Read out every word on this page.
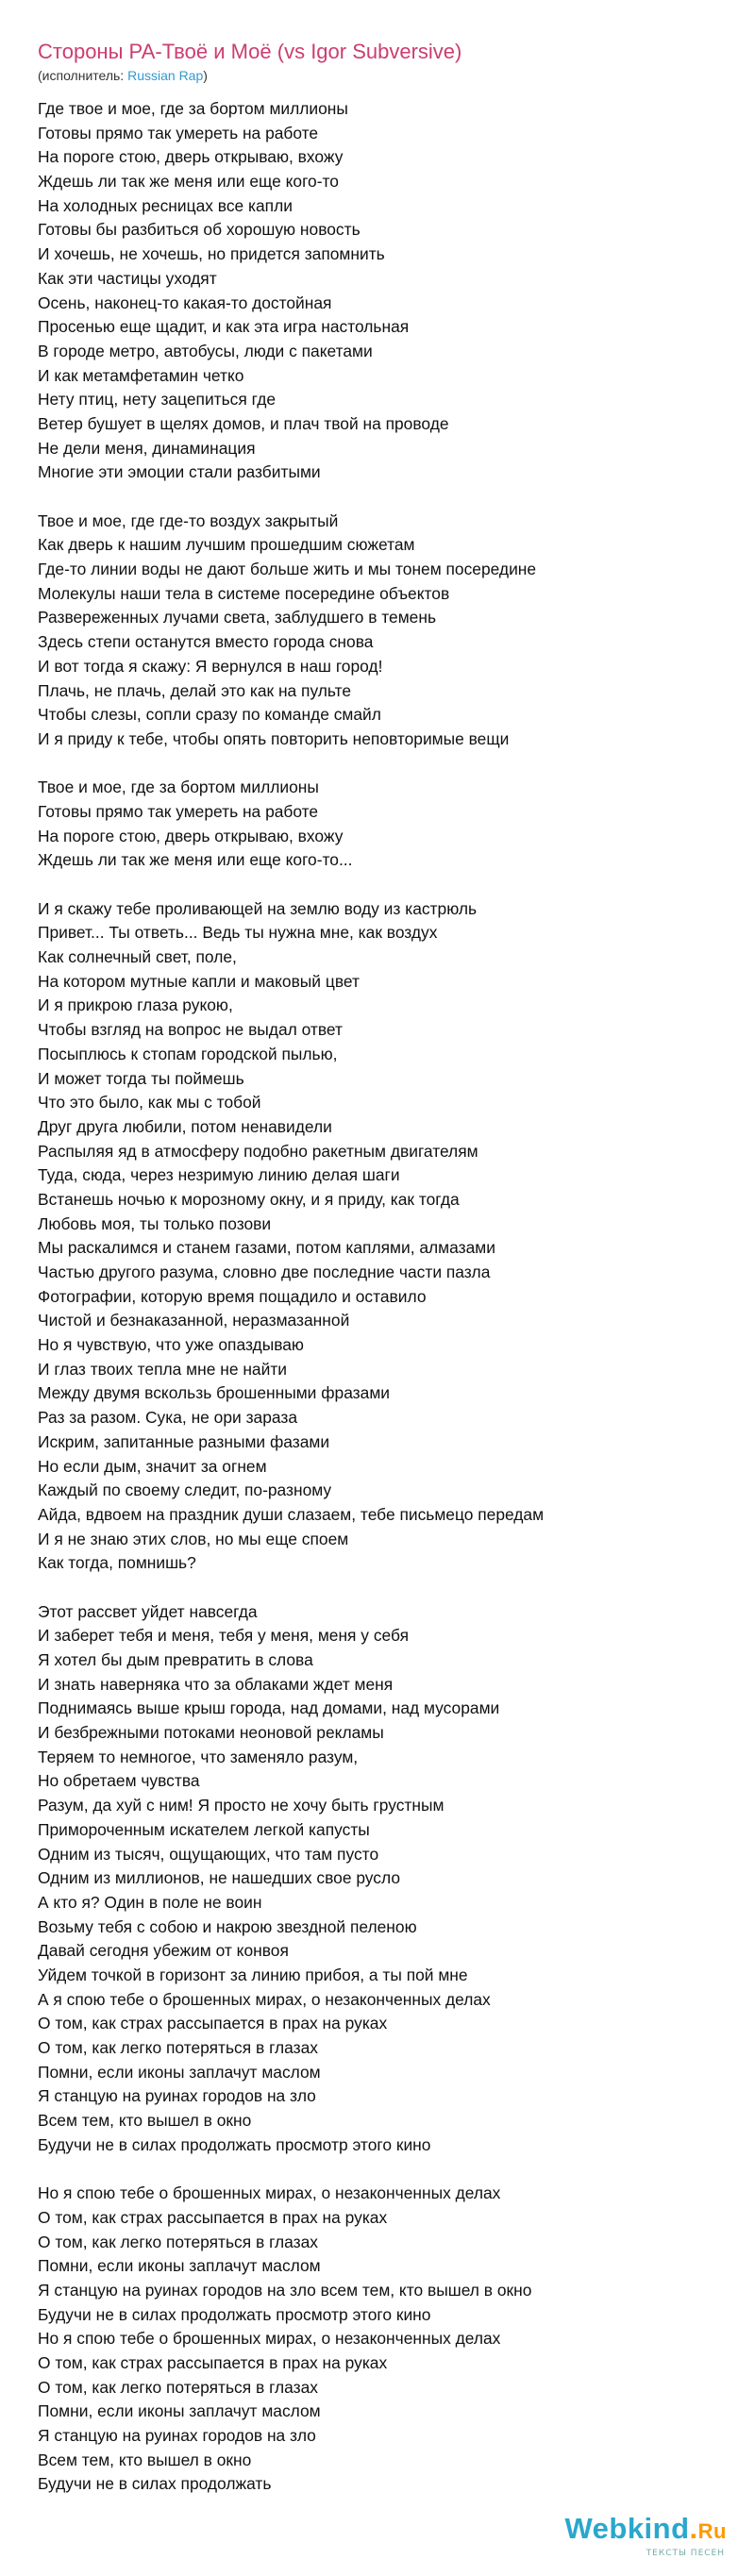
Стороны РА-Твоё и Моё (vs Igor Subversive)
(исполнитель: Russian Rap)
Где твое и мое, где за бортом миллионы
Готовы прямо так умереть на работе
На пороге стою, дверь открываю, вхожу
Ждешь ли так же меня или еще кого-то
На холодных ресницах все капли
Готовы бы разбиться об хорошую новость
И хочешь, не хочешь, но придется запомнить
Как эти частицы уходят
Осень, наконец-то какая-то достойная
Просенью еще щадит, и как эта игра настольная
В городе метро, автобусы, люди с пакетами
И как метамфетамин четко
Нету птиц, нету зацепиться где
Ветер бушует в щелях домов, и плач твой на проводе
Не дели меня, динаминация
Многие эти эмоции стали разбитыми
Твое и мое, где где-то воздух закрытый
Как дверь к нашим лучшим прошедшим сюжетам
Где-то линии воды не дают больше жить и мы тонем посередине
Молекулы наши тела в системе посередине объектов
Развереженных лучами света, заблудшего в темень
Здесь степи останутся вместо города снова
И вот тогда я скажу: Я вернулся в наш город!
Плачь, не плачь, делай это как на пульте
Чтобы слезы, сопли сразу по команде смайл
И я приду к тебе, чтобы опять повторить неповторимые вещи
Твое и мое, где за бортом миллионы
Готовы прямо так умереть на работе
На пороге стою, дверь открываю, вхожу
Ждешь ли так же меня или еще кого-то...
И я скажу тебе проливающей на землю воду из кастрюль
Привет... Ты ответь... Ведь ты нужна мне, как воздух
Как солнечный свет, поле,
На котором мутные капли и маковый цвет
И я прикрою глаза рукою,
Чтобы взгляд на вопрос не выдал ответ
Посыплюсь к стопам городской пылью,
И может тогда ты поймешь
Что это было, как мы с тобой
Друг друга любили, потом ненавидели
Распыляя яд в атмосферу подобно ракетным двигателям
Туда, сюда, через незримую линию делая шаги
Встанешь ночью к морозному окну, и я приду, как тогда
Любовь моя, ты только позови
Мы раскалимся и станем газами, потом каплями, алмазами
Частью другого разума, словно две последние части пазла
Фотографии, которую время пощадило и оставило
Чистой и безнаказанной, неразмазанной
Но я чувствую, что уже опаздываю
И глаз твоих тепла мне не найти
Между двумя вскользь брошенными фразами
Раз за разом. Сука, не ори зараза
Искрим, запитанные разными фазами
Но если дым, значит за огнем
Каждый по своему следит, по-разному
Айда, вдвоем на праздник души слазаем, тебе письмецо передам
И я не знаю этих слов, но мы еще споем
Как тогда, помнишь?
Этот рассвет уйдет навсегда
И заберет тебя и меня, тебя у меня, меня у себя
Я хотел бы дым превратить в слова
И знать наверняка что за облаками ждет меня
Поднимаясь выше крыш города, над домами, над мусорами
И безбрежными потоками неоновой рекламы
Теряем то немногое, что заменяло разум,
Но обретаем чувства
Разум, да хуй с ним! Я просто не хочу быть грустным
Примороченным искателем легкой капусты
Одним из тысяч, ощущающих, что там пусто
Одним из миллионов, не нашедших свое русло
А кто я? Один в поле не воин
Возьму тебя с собою и накрою звездной пеленою
Давай сегодня убежим от конвоя
Уйдем точкой в горизонт за линию прибоя, а ты пой мне
А я спою тебе о брошенных мирах, о незаконченных делах
О том, как страх рассыпается в прах на руках
О том, как легко потеряться в глазах
Помни, если иконы заплачут маслом
Я станцую на руинах городов на зло
Всем тем, кто вышел в окно
Будучи не в силах продолжать просмотр этого кино
Но я спою тебе о брошенных мирах, о незаконченных делах
О том, как страх рассыпается в прах на руках
О том, как легко потеряться в глазах
Помни, если иконы заплачут маслом
Я станцую на руинах городов на зло всем тем, кто вышел в окно
Будучи не в силах продолжать просмотр этого кино
Но я спою тебе о брошенных мирах, о незаконченных делах
О том, как страх рассыпается в прах на руках
О том, как легко потеряться в глазах
Помни, если иконы заплачут маслом
Я станцую на руинах городов на зло
Всем тем, кто вышел в окно
Будучи не в силах продолжать
Webkind.Ru
ТЕКСТЫ ПЕСЕН
